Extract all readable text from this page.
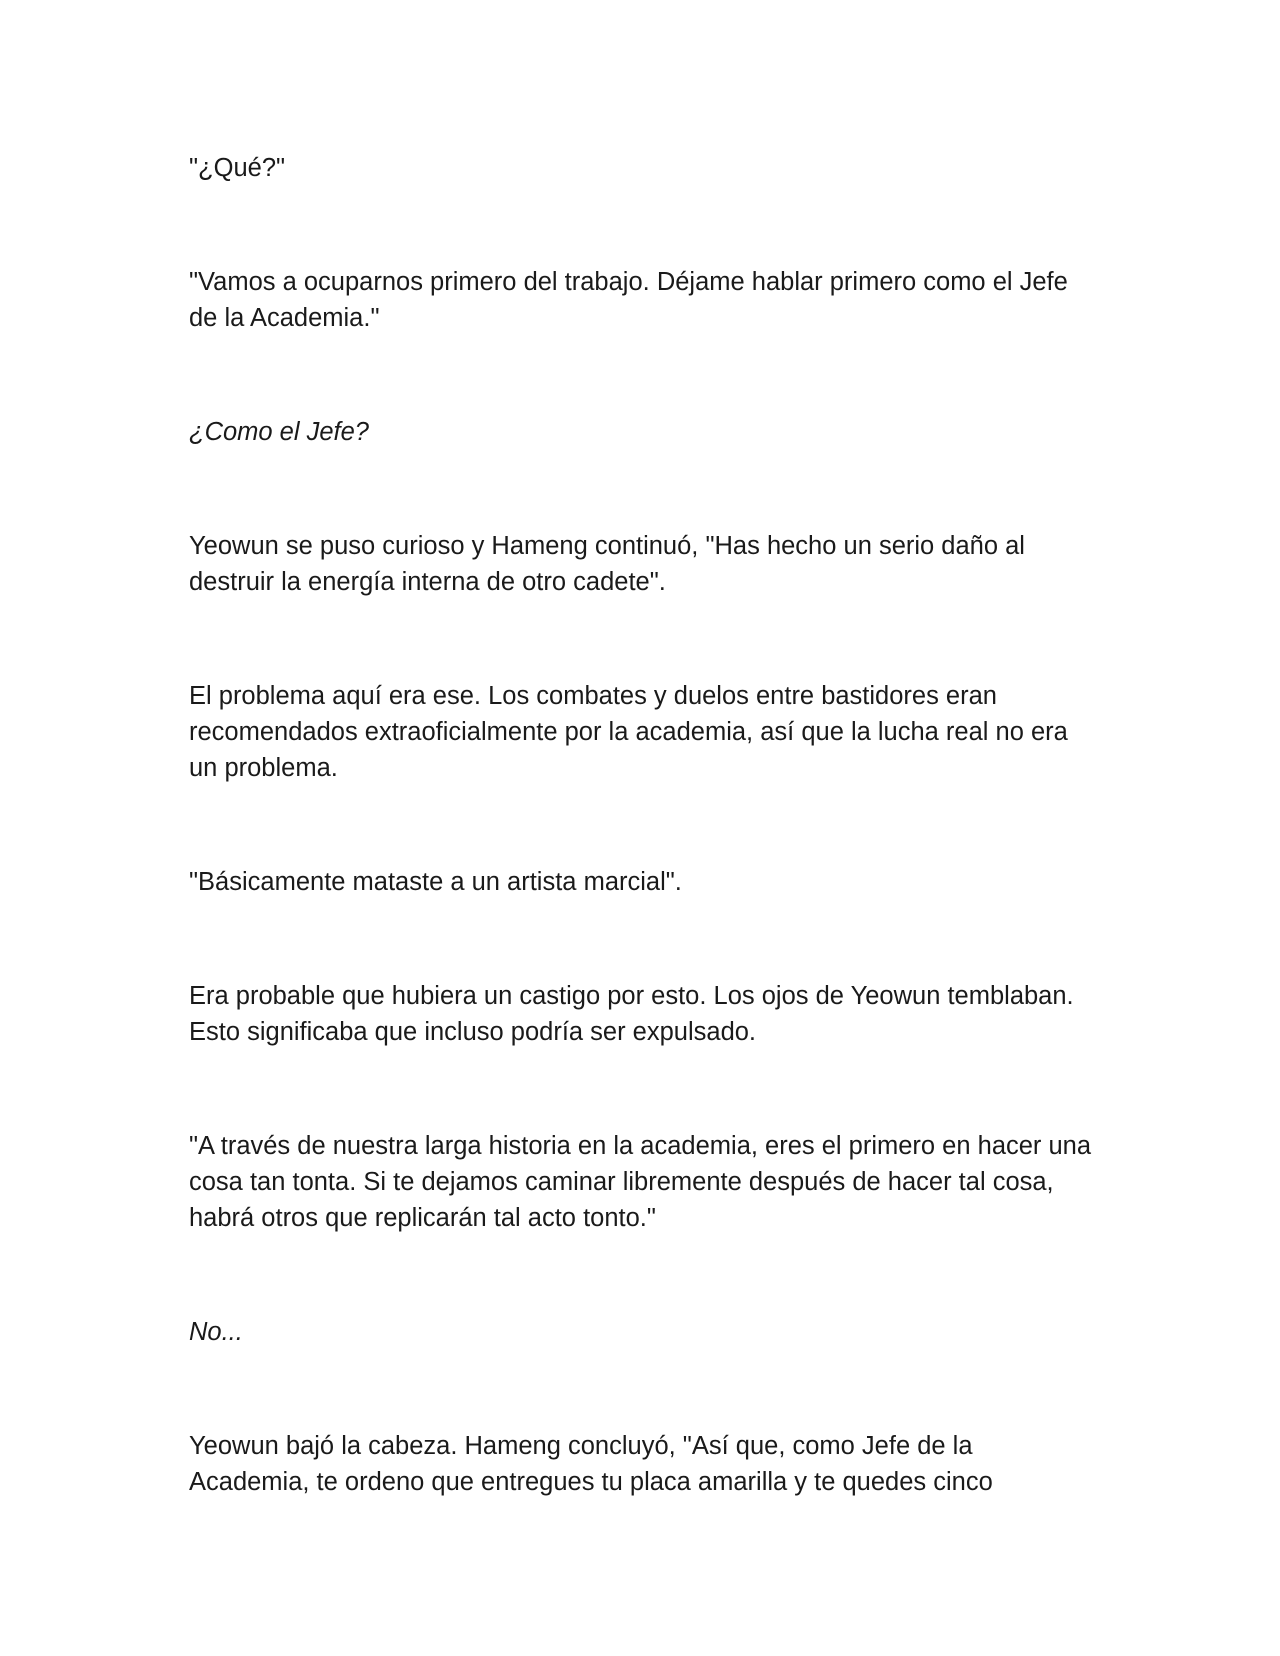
"¿Qué?"

"Vamos a ocuparnos primero del trabajo. Déjame hablar primero como el Jefe de la Academia."

¿Como el Jefe?

Yeowun se puso curioso y Hameng continuó, "Has hecho un serio daño al destruir la energía interna de otro cadete".

El problema aquí era ese. Los combates y duelos entre bastidores eran recomendados extraoficialmente por la academia, así que la lucha real no era un problema.

"Básicamente mataste a un artista marcial".

Era probable que hubiera un castigo por esto. Los ojos de Yeowun temblaban. Esto significaba que incluso podría ser expulsado.

"A través de nuestra larga historia en la academia, eres el primero en hacer una cosa tan tonta. Si te dejamos caminar libremente después de hacer tal cosa, habrá otros que replicarán tal acto tonto."

No...

Yeowun bajó la cabeza. Hameng concluyó, "Así que, como Jefe de la Academia, te ordeno que entregues tu placa amarilla y te quedes cinco
